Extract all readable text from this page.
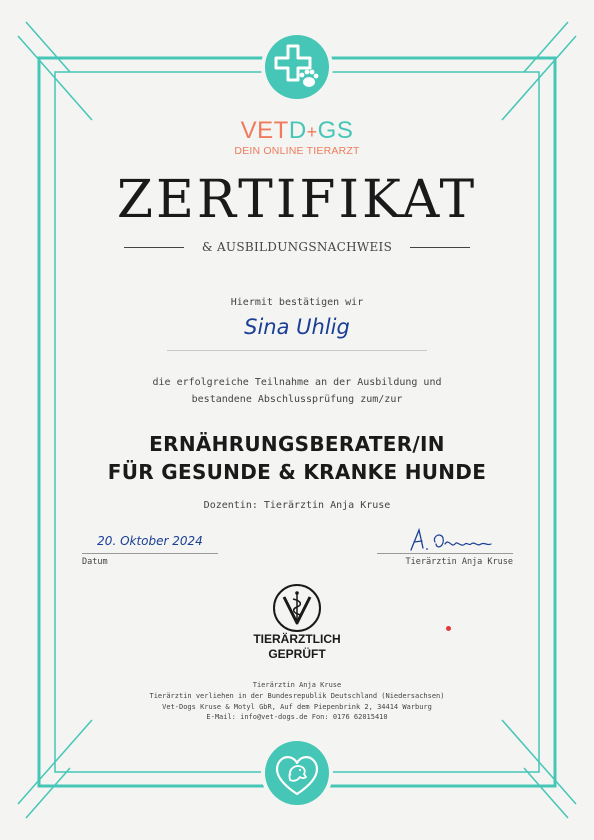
VETD+GS
DEIN ONLINE TIERARZT
ZERTIFIKAT
& AUSBILDUNGSNACHWEIS
Hiermit bestätigen wir
Sina Uhlig
die erfolgreiche Teilnahme an der Ausbildung und
bestandene Abschlussprüfung zum/zur
ERNÄHRUNGSBERATER/IN
FÜR GESUNDE & KRANKE HUNDE
Dozentin: Tierärztin Anja Kruse
20. Oktober 2024
Datum	Tierärztin Anja Kruse
TIERÄRZTLICH
GEPRÜFT
Tierärztin Anja Kruse
Tierärztin verliehen in der Bundesrepublik Deutschland (Niedersachsen)
Vet-Dogs Kruse & Motyl GbR, Auf dem Piepenbrink 2, 34414 Warburg
E-Mail: info@vet-dogs.de Fon: 0176 62015410
